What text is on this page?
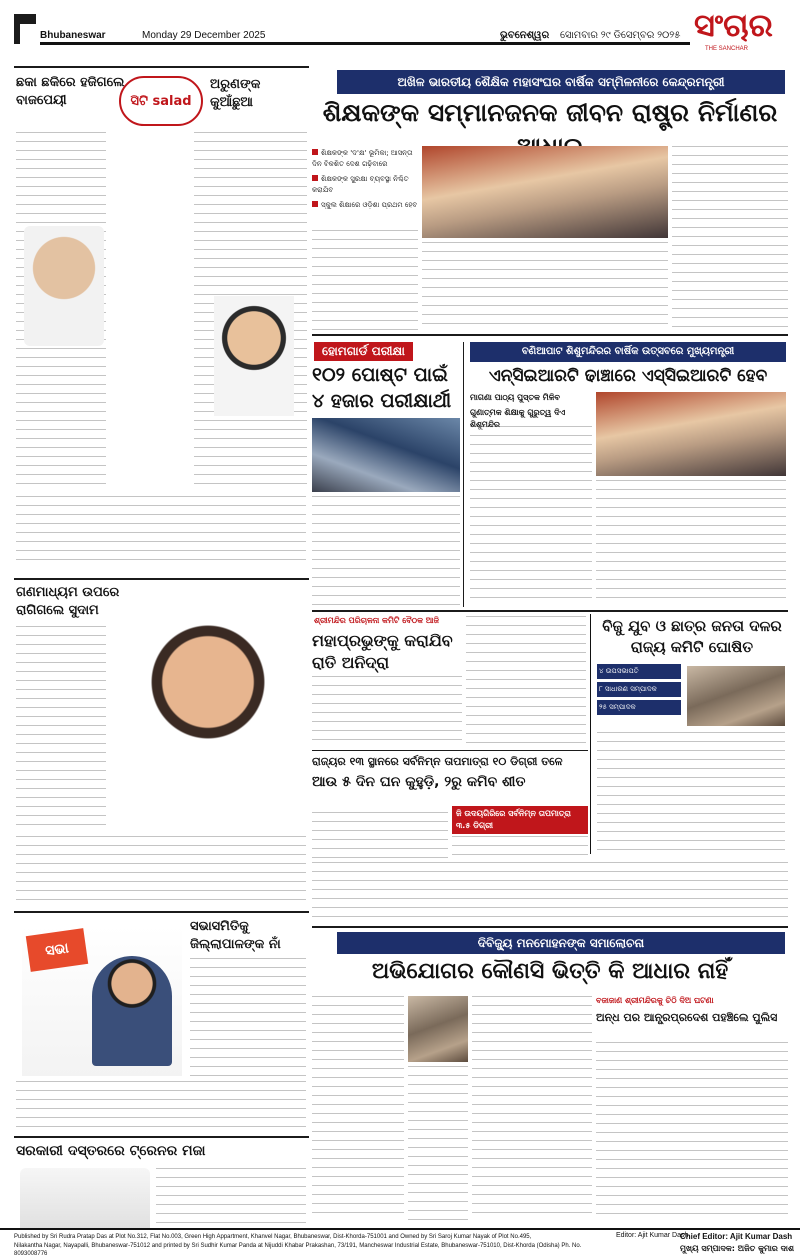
Bhubaneswar	Monday 29 December 2025	ଭୁବନେଶ୍ୱର ସୋମବାର ୨୯ ଡିସେମ୍ବର ୨୦୨୫ ସଂଚାର
THE SANCHAR
ଛକା ଛକିରେ ହଜିଗଲେ ବାଜପେୟୀ	ସିଟି salad
ଅରୁଣଙ୍କ କୁଆଁଛୁଆ
ଗଣମାଧ୍ୟମ ଉପରେ ରାଗିଗଲେ ସୁଦାମ
ସଭାସମିତିକୁ ଜିଲ୍ଲାପାଳଙ୍କ ନାଁ
ସଭା
ସରକାରୀ ଦସ୍ତରରେ ଟ୍ରେନର ମଜା
ଅଖିଳ ଭାରତୀୟ ଶୈକ୍ଷିକ ମହାସଂଘର ବାର୍ଷିକ ସମ୍ମିଳନୀରେ କେନ୍ଦ୍ରମନ୍ତ୍ରୀ
ଶିକ୍ଷକଙ୍କ ସମ୍ମାନଜନକ ଜୀବନ ରାଷ୍ଟ୍ର ନିର୍ମାଣର
ଶିକ୍ଷକଙ୍କ 'ଦ'କ୍ଷ' ଭୂମିକା; ଆସନ୍ତା ଦିନ ବିକଶିତ ଦେଶ ଗଢ଼ିବାରେ
ଶିକ୍ଷକଙ୍କ ସୁରକ୍ଷା ବ୍ୟବସ୍ଥା ନିଶ୍ଚିତ କରାଯିବ
ସ୍କୁଲ ଶିକ୍ଷାରେ ଓଡ଼ିଶା ପ୍ରଥମ ହେବ
ହୋମଗାର୍ଡ ପରୀକ୍ଷା
୧୦୨ ପୋଷ୍ଟ ପାଇଁ ୪ ହଜାର ପରୀକ୍ଷାର୍ଥୀ
ବଣିଆପାଟ ଶିଶୁମନ୍ଦିରର ବାର୍ଷିକ ଉତ୍ସବରେ ମୁଖ୍ୟମନ୍ତ୍ରୀ
ଏନ୍‌ସିଇଆରଟି ଢାଞ୍ଚାରେ ଏସ୍‌ସିଇଆରଟି ହେବ
ମାଗଣା ପାଠ୍ୟ ପୁସ୍ତକ ମିଳିବ
ଗୁଣାତ୍ମକ ଶିକ୍ଷାକୁ ଗୁରୁତ୍ୱ ଦିଏ ଶିଶୁମନ୍ଦିର
ଶ୍ରୀମନ୍ଦିର ପରିଚାଳନା କମିଟି ବୈଠକ ଆଜି
ମହାପ୍ରଭୁଙ୍କୁ କରାଯିବ ରାତି ଅନିଦ୍ରା
ବିଜୁ ଯୁବ ଓ ଛାତ୍ର ଜନତା ଦଳର ରାଜ୍ୟ କମିଟି ଘୋଷିତ
୪ ଉପସଭାପତି
୮ ସାଧାରଣ ସମ୍ପାଦକ
୨୫ ସମ୍ପାଦକ
ରାଜ୍ୟର ୧୩ ସ୍ଥାନରେ ସର୍ବନିମ୍ନ ତାପମାତ୍ରା ୧୦ ଡିଗ୍ରୀ ତଳେ
ଆଉ ୫ ଦିନ ଘନ କୁହୁଡ଼ି, ୨ରୁ କମିବ ଶୀତ
ଜି ଉଦୟଗିରିରେ ସର୍ବନିମ୍ନ ତାପମାତ୍ରା ୩.୫ ଡିଗ୍ରୀ
ଦିବିଜ୍ୟୁ ମନମୋହନଙ୍କ ସମାଲୋଚନା
ଅଭିଯୋଗର କୌଣସି ଭିତ୍ତି କି ଆଧାର ନାହିଁ
ବଜାଜାଣ ଶ୍ରୀମନ୍ଦିରକୁ ଚିଠି ଦିଅ ଘଟଣା
ଅନ୍ଧ ପର ଆନ୍ଧ୍ରପ୍ରଦେଶ ପହଞ୍ଚିଲେ ପୁଲିସ
Published by Sri Rudra Pratap Das at Plot No.312, Flat No.003, Green High Appartment, Khanvel Nagar, Bhubaneswar, Dist-Khorda-751001 and Owned by Sri Saroj Kumar Nayak of Plot No.495,
Nilakantha Nagar, Nayapalli, Bhubaneswar-751012 and printed by Sri Sudhir Kumar Panda at Nijuddi Khabar Prakashan, 73/191, Mancheswar Industrial Estate, Bhubaneswar-751010, Dist-Khorda (Odisha) Ph. No. 8093008776
Editor: Ajit Kumar Dash
Chief Editor: Ajit Kumar Dash
ମୁଖ୍ୟ ସମ୍ପାଦକ: ଅଜିତ କୁମାର ଦାଶ
